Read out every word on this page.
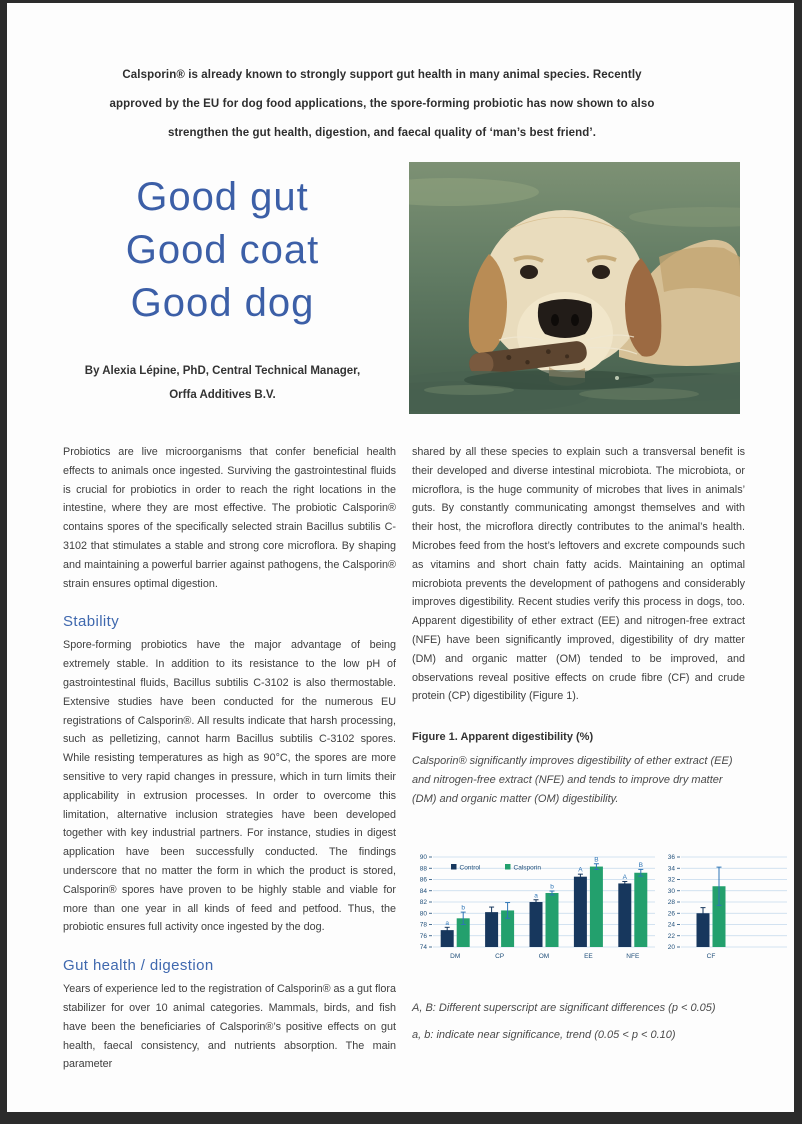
Calsporin® is already known to strongly support gut health in many animal species. Recently approved by the EU for dog food applications, the spore-forming probiotic has now shown to also strengthen the gut health, digestion, and faecal quality of ‘man’s best friend’.
Good gut
Good coat
Good dog
By Alexia Lépine, PhD, Central Technical Manager,
Orffa Additives B.V.

Probiotics are live microorganisms that confer beneficial health effects to animals once ingested. Surviving the gastrointestinal fluids is crucial for probiotics in order to reach the right locations in the intestine, where they are most effective. The probiotic Calsporin® contains spores of the specifically selected strain Bacillus subtilis C-3102 that stimulates a stable and strong core microflora. By shaping and maintaining a powerful barrier against pathogens, the Calsporin® strain ensures optimal digestion.

Stability

Spore-forming probiotics have the major advantage of being extremely stable. In addition to its resistance to the low pH of gastrointestinal fluids, Bacillus subtilis C-3102 is also thermostable. Extensive studies have been conducted for the numerous EU registrations of Calsporin®. All results indicate that harsh processing, such as pelletizing, cannot harm Bacillus subtilis C-3102 spores. While resisting temperatures as high as 90°C, the spores are more sensitive to very rapid changes in pressure, which in turn limits their applicability in extrusion processes. In order to overcome this limitation, alternative inclusion strategies have been developed together with key industrial partners. For instance, studies in digest application have been successfully conducted. The findings underscore that no matter the form in which the product is stored, Calsporin® spores have proven to be highly stable and viable for more than one year in all kinds of feed and petfood. Thus, the probiotic ensures full activity once ingested by the dog.

Gut health / digestion

Years of experience led to the registration of Calsporin® as a gut flora stabilizer for over 10 animal categories. Mammals, birds, and fish have been the beneficiaries of Calsporin®’s positive effects on gut health, faecal consistency, and nutrients absorption. The main parameter

shared by all these species to explain such a transversal benefit is their developed and diverse intestinal microbiota. The microbiota, or microflora, is the huge community of microbes that lives in animals’ guts. By constantly communicating amongst themselves and with their host, the microflora directly contributes to the animal’s health. Microbes feed from the host’s leftovers and excrete compounds such as vitamins and short chain fatty acids. Maintaining an optimal microbiota prevents the development of pathogens and considerably improves digestibility. Recent studies verify this process in dogs, too. Apparent digestibility of ether extract (EE) and nitrogen-free extract (NFE) have been significantly improved, digestibility of dry matter (DM) and organic matter (OM) tended to be improved, and observations reveal positive effects on crude fibre (CF) and crude protein (CP) digestibility (Figure 1).

Figure 1. Apparent digestibility (%)
Calsporin® significantly improves digestibility of ether extract (EE) and nitrogen-free extract (NFE) and tends to improve dry matter (DM) and organic matter (OM) digestibility.
74
76
78
80
82
84
86
88
90
DM
a
b
CP	OM
a
b
EE
A
B
NFE
A
B
20
22
24
26
28
30
32
34
36
CF
Control	Calsporin
A, B: Different superscript are significant differences (p < 0.05)
a, b: indicate near significance, trend (0.05 < p < 0.10)
